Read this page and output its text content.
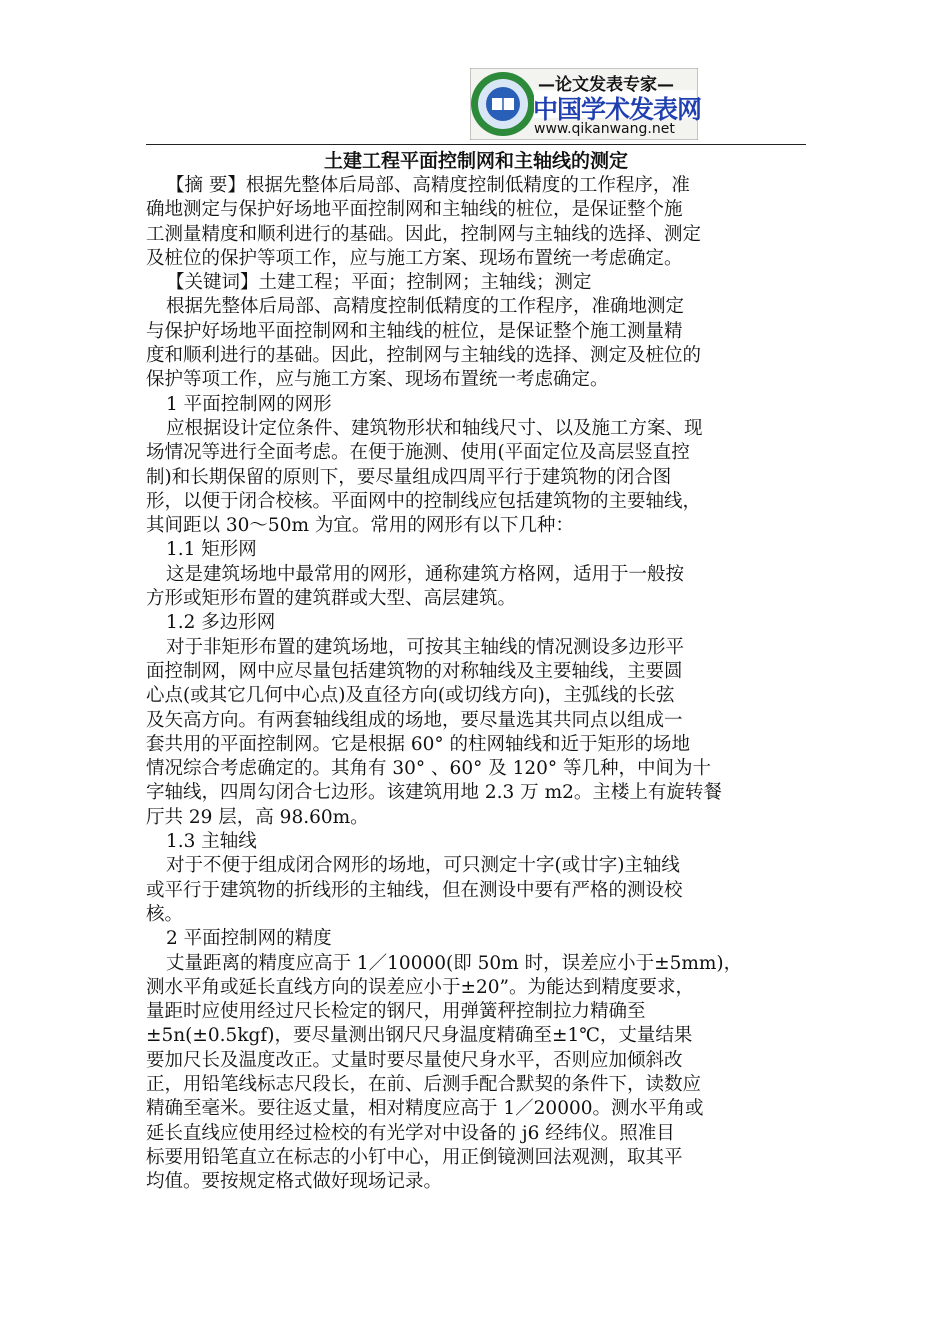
—论文发表专家—
中国学术发表网
www.qikanwang.net
土建工程平面控制网和主轴线的测定
【摘 要】根据先整体后局部、高精度控制低精度的工作程序，准
确地测定与保护好场地平面控制网和主轴线的桩位，是保证整个施
工测量精度和顺利进行的基础。因此，控制网与主轴线的选择、测定
及桩位的保护等项工作，应与施工方案、现场布置统一考虑确定。
【关键词】土建工程；平面；控制网；主轴线；测定
根据先整体后局部、高精度控制低精度的工作程序，准确地测定
与保护好场地平面控制网和主轴线的桩位，是保证整个施工测量精
度和顺利进行的基础。因此，控制网与主轴线的选择、测定及桩位的
保护等项工作，应与施工方案、现场布置统一考虑确定。
1 平面控制网的网形
应根据设计定位条件、建筑物形状和轴线尺寸、以及施工方案、现
场情况等进行全面考虑。在便于施测、使用(平面定位及高层竖直控
制)和长期保留的原则下，要尽量组成四周平行于建筑物的闭合图
形，以便于闭合校核。平面网中的控制线应包括建筑物的主要轴线，
其间距以 30～50m 为宜。常用的网形有以下几种：
1.1 矩形网
这是建筑场地中最常用的网形，通称建筑方格网，适用于一般按
方形或矩形布置的建筑群或大型、高层建筑。
1.2 多边形网
对于非矩形布置的建筑场地，可按其主轴线的情况测设多边形平
面控制网，网中应尽量包括建筑物的对称轴线及主要轴线，主要圆
心点(或其它几何中心点)及直径方向(或切线方向)，主弧线的长弦
及矢高方向。有两套轴线组成的场地，要尽量选其共同点以组成一
套共用的平面控制网。它是根据 60° 的柱网轴线和近于矩形的场地
情况综合考虑确定的。其角有 30° 、60° 及 120° 等几种，中间为十
字轴线，四周勾闭合七边形。该建筑用地 2.3 万 m2。主楼上有旋转餐
厅共 29 层，高 98.60m。
1.3 主轴线
对于不便于组成闭合网形的场地，可只测定十字(或廿字)主轴线
或平行于建筑物的折线形的主轴线，但在测设中要有严格的测设校
核。
2 平面控制网的精度
丈量距离的精度应高于 1／10000(即 50m 时，误差应小于±5mm)，
测水平角或延长直线方向的误差应小于±20”。为能达到精度要求，
量距时应使用经过尺长检定的钢尺，用弹簧秤控制拉力精确至
±5n(±0.5kgf)，要尽量测出钢尺尺身温度精确至±1℃，丈量结果
要加尺长及温度改正。丈量时要尽量使尺身水平，否则应加倾斜改
正，用铅笔线标志尺段长，在前、后测手配合默契的条件下，读数应
精确至毫米。要往返丈量，相对精度应高于 1／20000。测水平角或
延长直线应使用经过检校的有光学对中设备的 j6 经纬仪。照准目
标要用铅笔直立在标志的小钉中心，用正倒镜测回法观测，取其平
均值。要按规定格式做好现场记录。
